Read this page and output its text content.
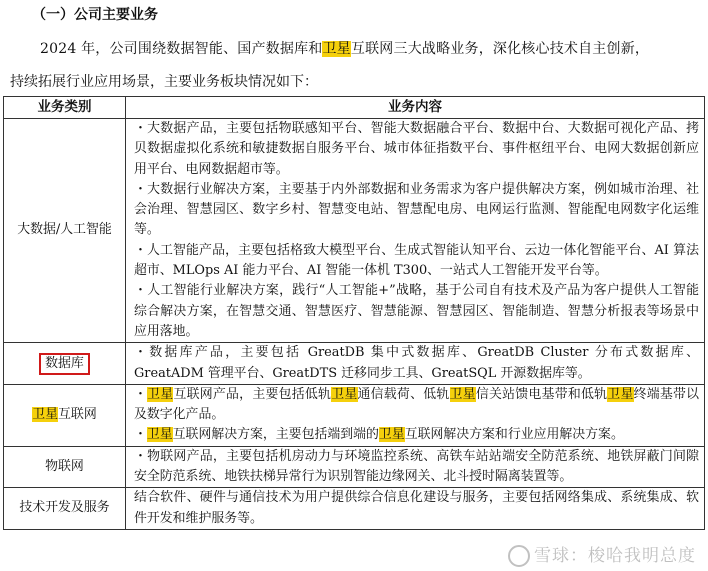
（一）公司主要业务
2024 年，公司围绕数据智能、国产数据库和卫星互联网三大战略业务，深化核心技术自主创新，
持续拓展行业应用场景，主要业务板块情况如下：
业务类别	业务内容
大数据/人工智能	・大数据产品，主要包括物联感知平台、智能大数据融合平台、数据中台、大数据可视化产品、拷贝数据虚拟化系统和敏捷数据自服务平台、城市体征指数平台、事件枢纽平台、电网大数据创新应用平台、电网数据超市等。

・大数据行业解决方案，主要基于内外部数据和业务需求为客户提供解决方案，例如城市治理、社会治理、智慧园区、数字乡村、智慧变电站、智慧配电房、电网运行监测、智能配电网数字化运维等。

・人工智能产品，主要包括格致大模型平台、生成式智能认知平台、云边一体化智能平台、AI 算法超市、MLOps AI 能力平台、AI 智能一体机 T300、一站式人工智能开发平台等。

・人工智能行业解决方案，践行“人工智能+”战略，基于公司自有技术及产品为客户提供人工智能综合解决方案，在智慧交通、智慧医疗、智慧能源、智慧园区、智能制造、智慧分析报表等场景中应用落地。

数据库	・数据库产品，主要包括 GreatDB 集中式数据库、GreatDB Cluster 分布式数据库、GreatADM 管理平台、GreatDTS 迁移同步工具、GreatSQL 开源数据库等。

卫星互联网	・卫星互联网产品，主要包括低轨卫星通信载荷、低轨卫星信关站馈电基带和低轨卫星终端基带以及数字化产品。

・卫星互联网解决方案，主要包括端到端的卫星互联网解决方案和行业应用解决方案。

物联网	・物联网产品，主要包括机房动力与环境监控系统、高铁车站站端安全防范系统、地铁屏蔽门间隙安全防范系统、地铁扶梯异常行为识别智能边缘网关、北斗授时隔离装置等。

技术开发及服务	结合软件、硬件与通信技术为用户提供综合信息化建设与服务，主要包括网络集成、系统集成、软件开发和维护服务等。

雪球：梭哈我明总度
